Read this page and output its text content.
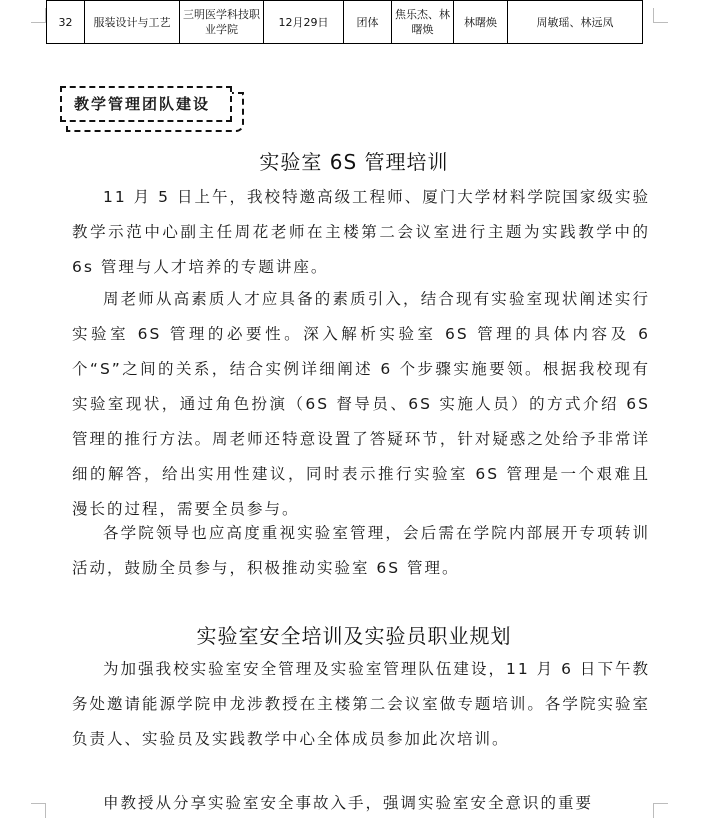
32	服装设计与工艺	三明医学科技职业学院	12月29日	团体	焦乐杰、林曙焕	林曙焕	周敏瑶、林远凤
教学管理团队建设
实验室 6S 管理培训

11 月 5 日上午，我校特邀高级工程师、厦门大学材料学院国家级实验教学示范中心副主任周花老师在主楼第二会议室进行主题为实践教学中的 6s 管理与人才培养的专题讲座。

周老师从高素质人才应具备的素质引入，结合现有实验室现状阐述实行实验室 6S 管理的必要性。深入解析实验室 6S 管理的具体内容及 6 个“S”之间的关系，结合实例详细阐述 6 个步骤实施要领。根据我校现有实验室现状，通过角色扮演（6S 督导员、6S 实施人员）的方式介绍 6S 管理的推行方法。周老师还特意设置了答疑环节，针对疑惑之处给予非常详细的解答，给出实用性建议，同时表示推行实验室 6S 管理是一个艰难且漫长的过程，需要全员参与。

各学院领导也应高度重视实验室管理，会后需在学院内部展开专项转训活动，鼓励全员参与，积极推动实验室 6S 管理。

实验室安全培训及实验员职业规划

为加强我校实验室安全管理及实验室管理队伍建设，11 月 6 日下午教务处邀请能源学院申龙涉教授在主楼第二会议室做专题培训。各学院实验室负责人、实验员及实践教学中心全体成员参加此次培训。

申教授从分享实验室安全事故入手，强调实验室安全意识的重要
